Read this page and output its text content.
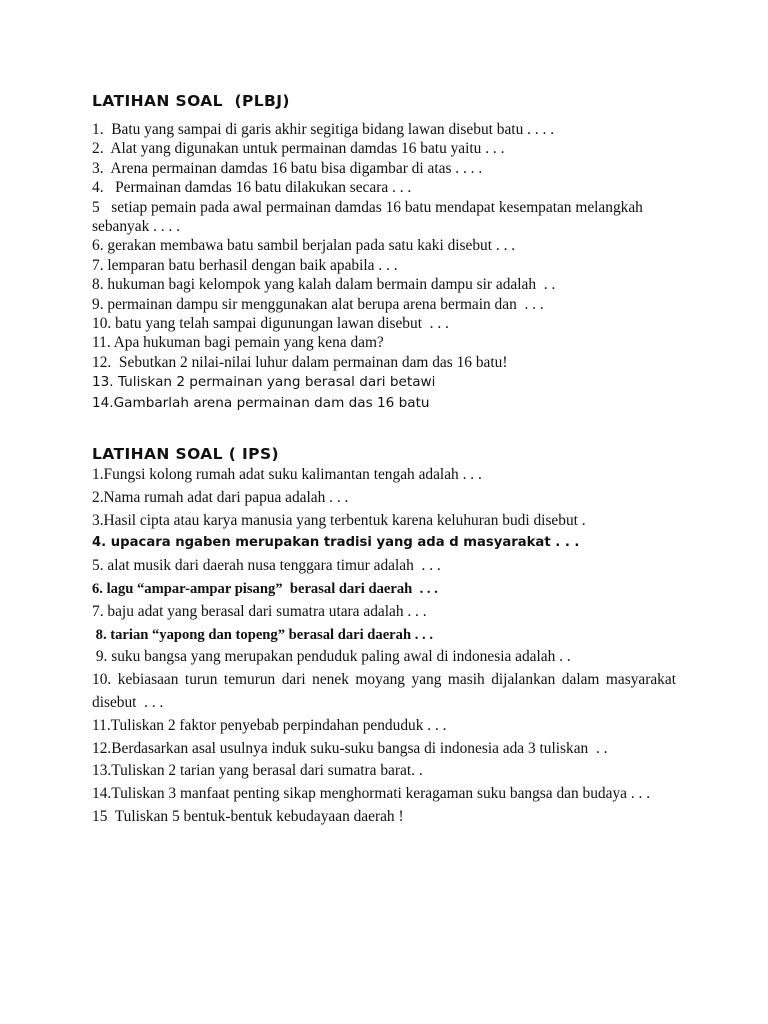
LATIHAN SOAL  (PLBJ)
1.  Batu yang sampai di garis akhir segitiga bidang lawan disebut batu . . . .
2.  Alat yang digunakan untuk permainan damdas 16 batu yaitu . . .
3.  Arena permainan damdas 16 batu bisa digambar di atas . . . .
4.   Permainan damdas 16 batu dilakukan secara . . .
5   setiap pemain pada awal permainan damdas 16 batu mendapat kesempatan melangkah sebanyak . . . .
6. gerakan membawa batu sambil berjalan pada satu kaki disebut . . .
7. lemparan batu berhasil dengan baik apabila . . .
8. hukuman bagi kelompok yang kalah dalam bermain dampu sir adalah  . .
9. permainan dampu sir menggunakan alat berupa arena bermain dan  . . .
10. batu yang telah sampai digunungan lawan disebut  . . .
11. Apa hukuman bagi pemain yang kena dam?
12.  Sebutkan 2 nilai-nilai luhur dalam permainan dam das 16 batu!
13. Tuliskan 2 permainan yang berasal dari betawi
14.Gambarlah arena permainan dam das 16 batu
LATIHAN SOAL ( IPS)
1.Fungsi kolong rumah adat suku kalimantan tengah adalah . . .
2.Nama rumah adat dari papua adalah . . .
3.Hasil cipta atau karya manusia yang terbentuk karena keluhuran budi disebut .
4. upacara ngaben merupakan tradisi yang ada d masyarakat . . .
5. alat musik dari daerah nusa tenggara timur adalah  . . .
6. lagu “ampar-ampar pisang”  berasal dari daerah  . . .
7. baju adat yang berasal dari sumatra utara adalah . . .
8. tarian “yapong dan topeng” berasal dari daerah . . .
9. suku bangsa yang merupakan penduduk paling awal di indonesia adalah . .
10. kebiasaan turun temurun dari nenek moyang yang masih dijalankan dalam masyarakat disebut  . . .
11.Tuliskan 2 faktor penyebab perpindahan penduduk . . .
12.Berdasarkan asal usulnya induk suku-suku bangsa di indonesia ada 3 tuliskan  . .
13.Tuliskan 2 tarian yang berasal dari sumatra barat. .
14.Tuliskan 3 manfaat penting sikap menghormati keragaman suku bangsa dan budaya . . .
15  Tuliskan 5 bentuk-bentuk kebudayaan daerah !
